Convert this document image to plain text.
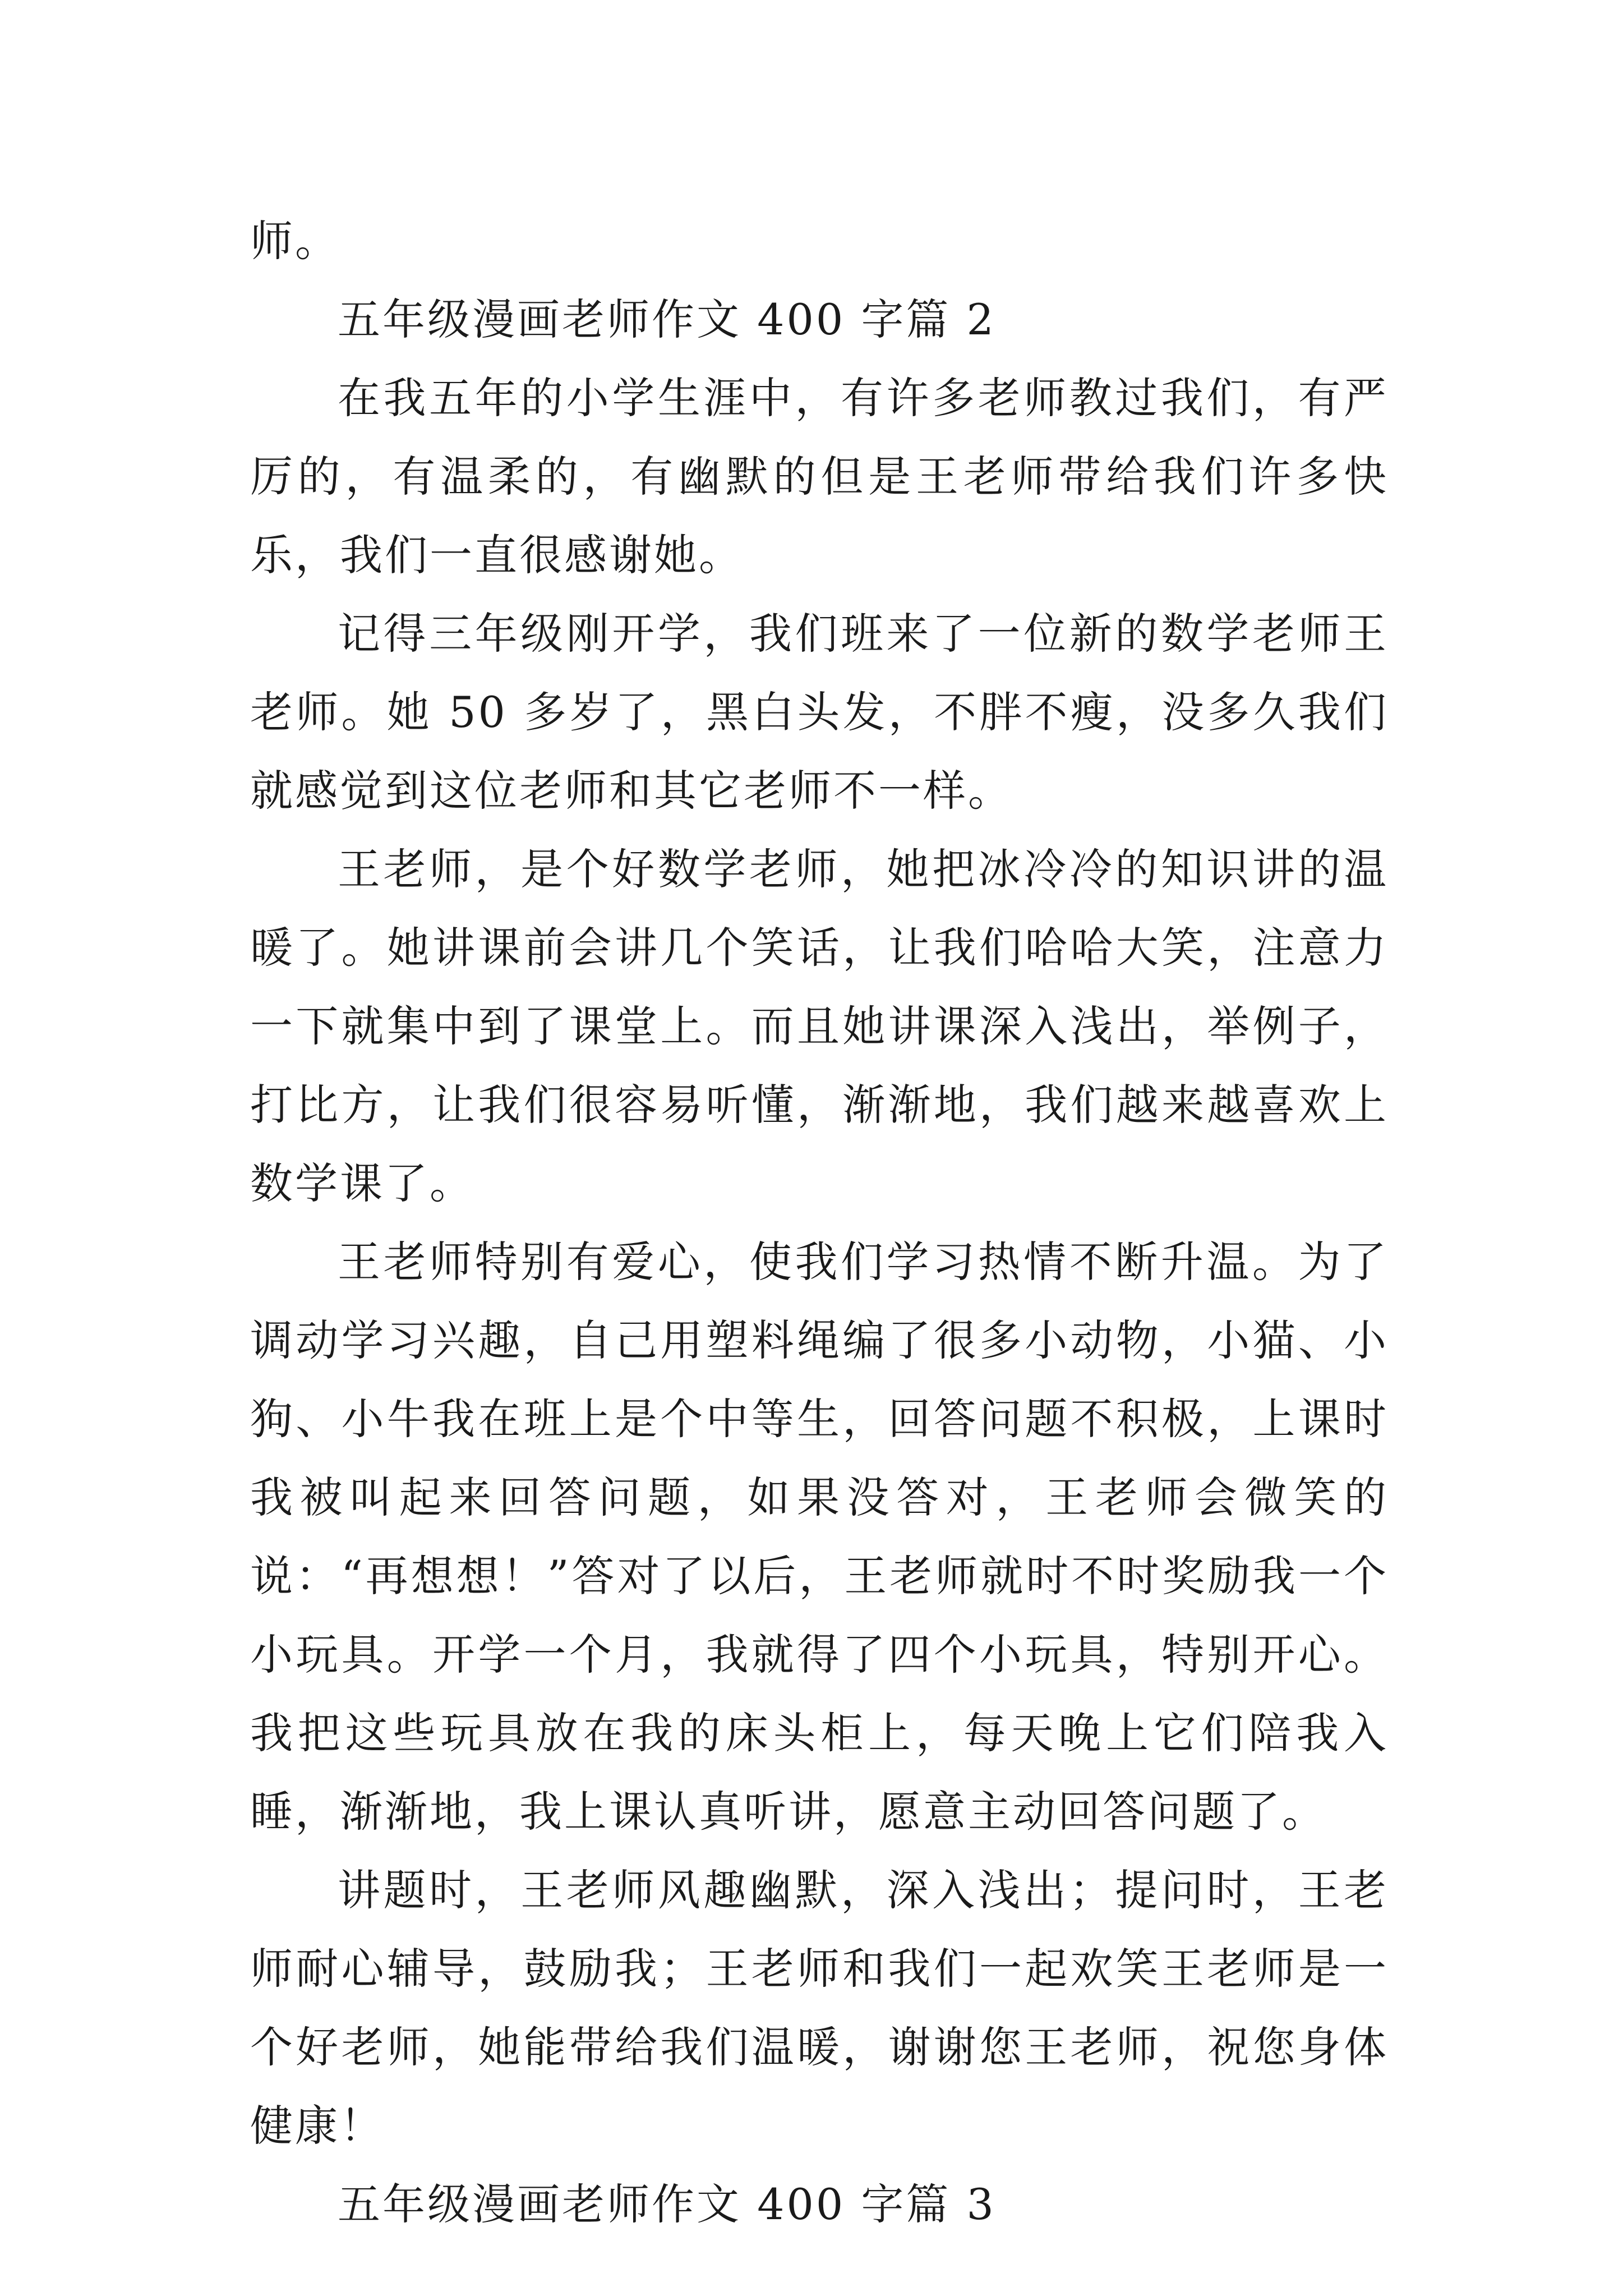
师。

五年级漫画老师作文 400 字篇 2

在我五年的小学生涯中，有许多老师教过我们，有严厉的，有温柔的，有幽默的但是王老师带给我们许多快乐，我们一直很感谢她。

记得三年级刚开学，我们班来了一位新的数学老师王老师。她 50 多岁了，黑白头发，不胖不瘦，没多久我们就感觉到这位老师和其它老师不一样。

王老师，是个好数学老师，她把冰冷冷的知识讲的温暖了。她讲课前会讲几个笑话，让我们哈哈大笑，注意力一下就集中到了课堂上。而且她讲课深入浅出，举例子，打比方，让我们很容易听懂，渐渐地，我们越来越喜欢上数学课了。

王老师特别有爱心，使我们学习热情不断升温。为了调动学习兴趣，自己用塑料绳编了很多小动物，小猫、小狗、小牛我在班上是个中等生，回答问题不积极，上课时我被叫起来回答问题，如果没答对，王老师会微笑的说：“再想想！”答对了以后，王老师就时不时奖励我一个小玩具。开学一个月，我就得了四个小玩具，特别开心。我把这些玩具放在我的床头柜上，每天晚上它们陪我入睡，渐渐地，我上课认真听讲，愿意主动回答问题了。

讲题时，王老师风趣幽默，深入浅出；提问时，王老师耐心辅导，鼓励我；王老师和我们一起欢笑王老师是一个好老师，她能带给我们温暖，谢谢您王老师，祝您身体健康！

五年级漫画老师作文 400 字篇 3
